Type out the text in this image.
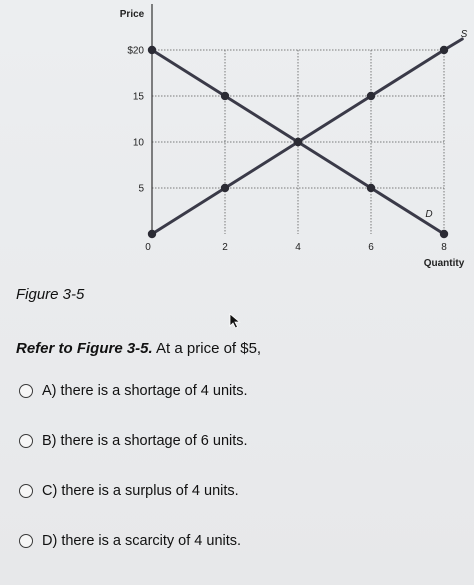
Price
Quantity
5
10
15
$20
0	2	4	6	8
S
D
Figure 3-5
Refer to Figure 3-5. At a price of $5,
A) there is a shortage of 4 units.
B) there is a shortage of 6 units.
C) there is a surplus of 4 units.
D) there is a scarcity of 4 units.
